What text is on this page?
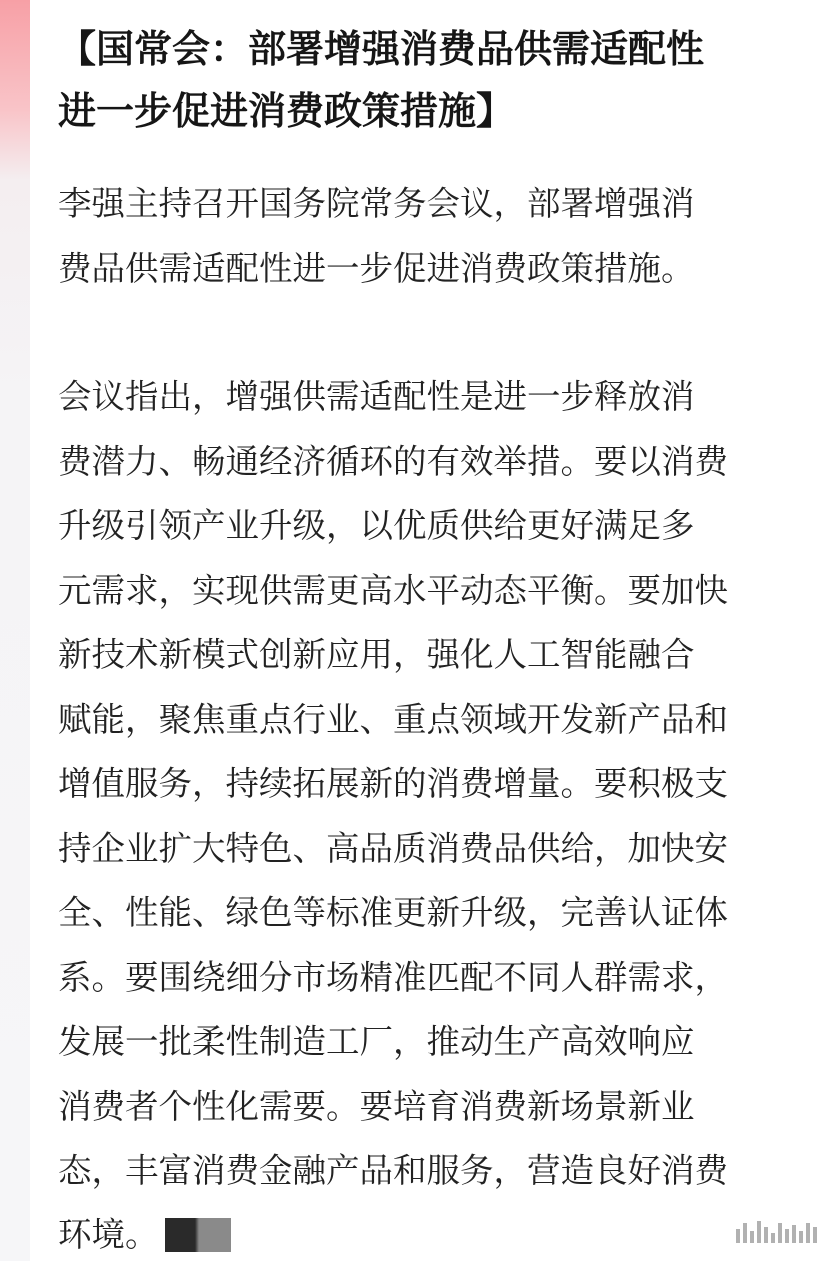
【国常会：部署增强消费品供需适配性
进一步促进消费政策措施】

李强主持召开国务院常务会议，部署增强消
费品供需适配性进一步促进消费政策措施。

会议指出，增强供需适配性是进一步释放消
费潜力、畅通经济循环的有效举措。要以消费
升级引领产业升级，以优质供给更好满足多
元需求，实现供需更高水平动态平衡。要加快
新技术新模式创新应用，强化人工智能融合
赋能，聚焦重点行业、重点领域开发新产品和
增值服务，持续拓展新的消费增量。要积极支
持企业扩大特色、高品质消费品供给，加快安
全、性能、绿色等标准更新升级，完善认证体
系。要围绕细分市场精准匹配不同人群需求，
发展一批柔性制造工厂，推动生产高效响应
消费者个性化需要。要培育消费新场景新业
态，丰富消费金融产品和服务，营造良好消费

环境。
